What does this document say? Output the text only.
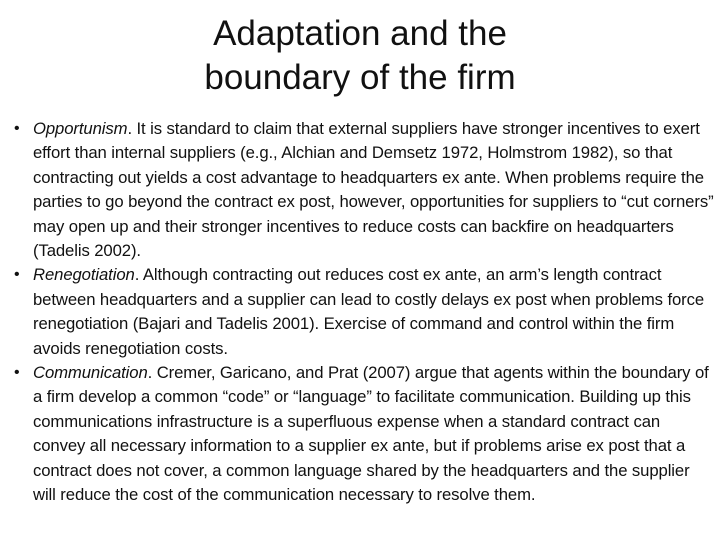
Adaptation and the
boundary of the firm
• Opportunism. It is standard to claim that external suppliers have stronger incentives to exert effort than internal suppliers (e.g., Alchian and Demsetz 1972, Holmstrom 1982), so that contracting out yields a cost advantage to headquarters ex ante. When problems require the parties to go beyond the contract ex post, however, opportunities for suppliers to “cut corners” may open up and their stronger incentives to reduce costs can backfire on headquarters (Tadelis 2002).
• Renegotiation. Although contracting out reduces cost ex ante, an arm’s length contract between headquarters and a supplier can lead to costly delays ex post when problems force renegotiation (Bajari and Tadelis 2001). Exercise of command and control within the firm avoids renegotiation costs.
• Communication. Cremer, Garicano, and Prat (2007) argue that agents within the boundary of a firm develop a common “code” or “language” to facilitate communication. Building up this communications infrastructure is a superfluous expense when a standard contract can convey all necessary information to a supplier ex ante, but if problems arise ex post that a contract does not cover, a common language shared by the headquarters and the supplier will reduce the cost of the communication necessary to resolve them.
